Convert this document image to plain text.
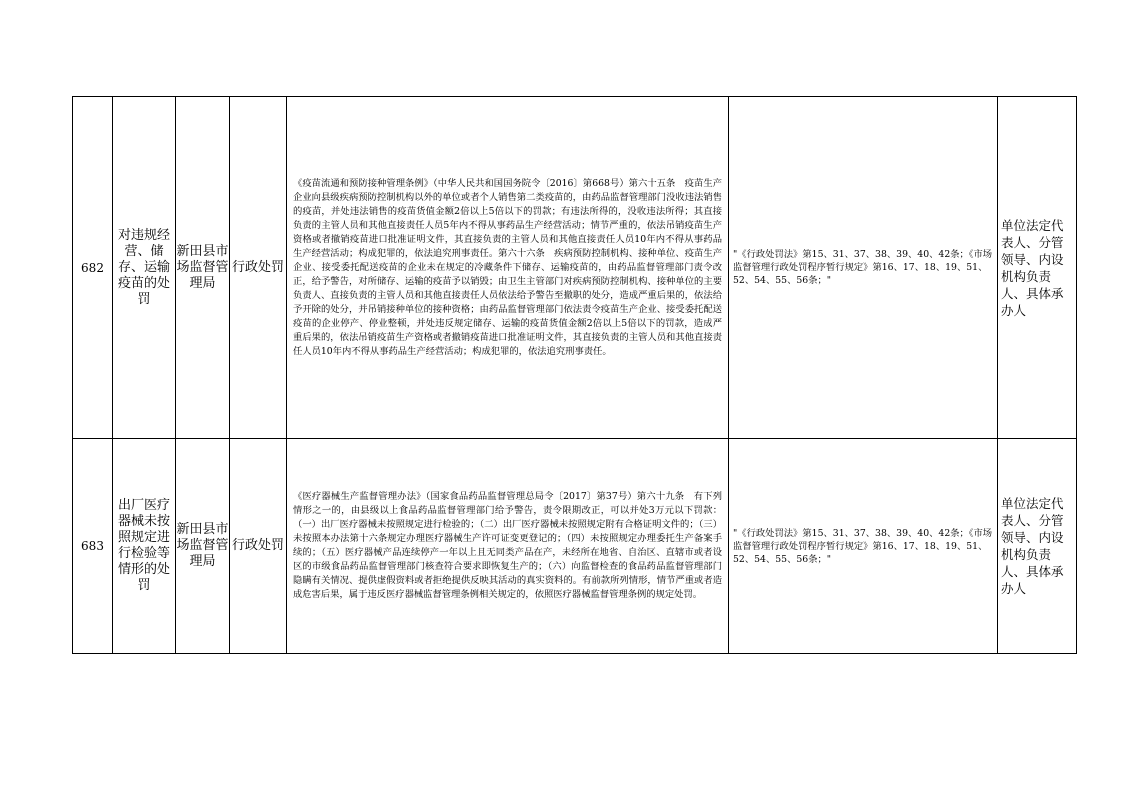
682	对违规经营、储存、运输疫苗的处罚	新田县市场监督管理局	行政处罚	《疫苗流通和预防接种管理条例》（中华人民共和国国务院令〔2016〕第668号）第六十五条　疫苗生产企业向县级疾病预防控制机构以外的单位或者个人销售第二类疫苗的，由药品监督管理部门没收违法销售的疫苗，并处违法销售的疫苗货值金额2倍以上5倍以下的罚款；有违法所得的，没收违法所得；其直接负责的主管人员和其他直接责任人员5年内不得从事药品生产经营活动；情节严重的，依法吊销疫苗生产资格或者撤销疫苗进口批准证明文件，其直接负责的主管人员和其他直接责任人员10年内不得从事药品生产经营活动；构成犯罪的，依法追究刑事责任。第六十六条　疾病预防控制机构、接种单位、疫苗生产企业、接受委托配送疫苗的企业未在规定的冷藏条件下储存、运输疫苗的，由药品监督管理部门责令改正，给予警告，对所储存、运输的疫苗予以销毁；由卫生主管部门对疾病预防控制机构、接种单位的主要负责人、直接负责的主管人员和其他直接责任人员依法给予警告至撤职的处分，造成严重后果的，依法给予开除的处分，并吊销接种单位的接种资格；由药品监督管理部门依法责令疫苗生产企业、接受委托配送疫苗的企业停产、停业整顿，并处违反规定储存、运输的疫苗货值金额2倍以上5倍以下的罚款，造成严重后果的，依法吊销疫苗生产资格或者撤销疫苗进口批准证明文件，其直接负责的主管人员和其他直接责任人员10年内不得从事药品生产经营活动；构成犯罪的，依法追究刑事责任。	"《行政处罚法》第15、31、37、38、39、40、42条；《市场监督管理行政处罚程序暂行规定》第16、17、18、19、51、52、54、55、56条；"	单位法定代表人、分管领导、内设机构负责人、具体承办人
683	出厂医疗器械未按照规定进行检验等情形的处罚	新田县市场监督管理局	行政处罚	《医疗器械生产监督管理办法》（国家食品药品监督管理总局令〔2017〕第37号）第六十九条　有下列情形之一的，由县级以上食品药品监督管理部门给予警告，责令限期改正，可以并处3万元以下罚款：（一）出厂医疗器械未按照规定进行检验的；（二）出厂医疗器械未按照规定附有合格证明文件的；（三）未按照本办法第十六条规定办理医疗器械生产许可证变更登记的；（四）未按照规定办理委托生产备案手续的；（五）医疗器械产品连续停产一年以上且无同类产品在产，未经所在地省、自治区、直辖市或者设区的市级食品药品监督管理部门核查符合要求即恢复生产的；（六）向监督检查的食品药品监督管理部门隐瞒有关情况、提供虚假资料或者拒绝提供反映其活动的真实资料的。有前款所列情形，情节严重或者造成危害后果，属于违反医疗器械监督管理条例相关规定的，依照医疗器械监督管理条例的规定处罚。	"《行政处罚法》第15、31、37、38、39、40、42条；《市场监督管理行政处罚程序暂行规定》第16、17、18、19、51、52、54、55、56条；"	单位法定代表人、分管领导、内设机构负责人、具体承办人
